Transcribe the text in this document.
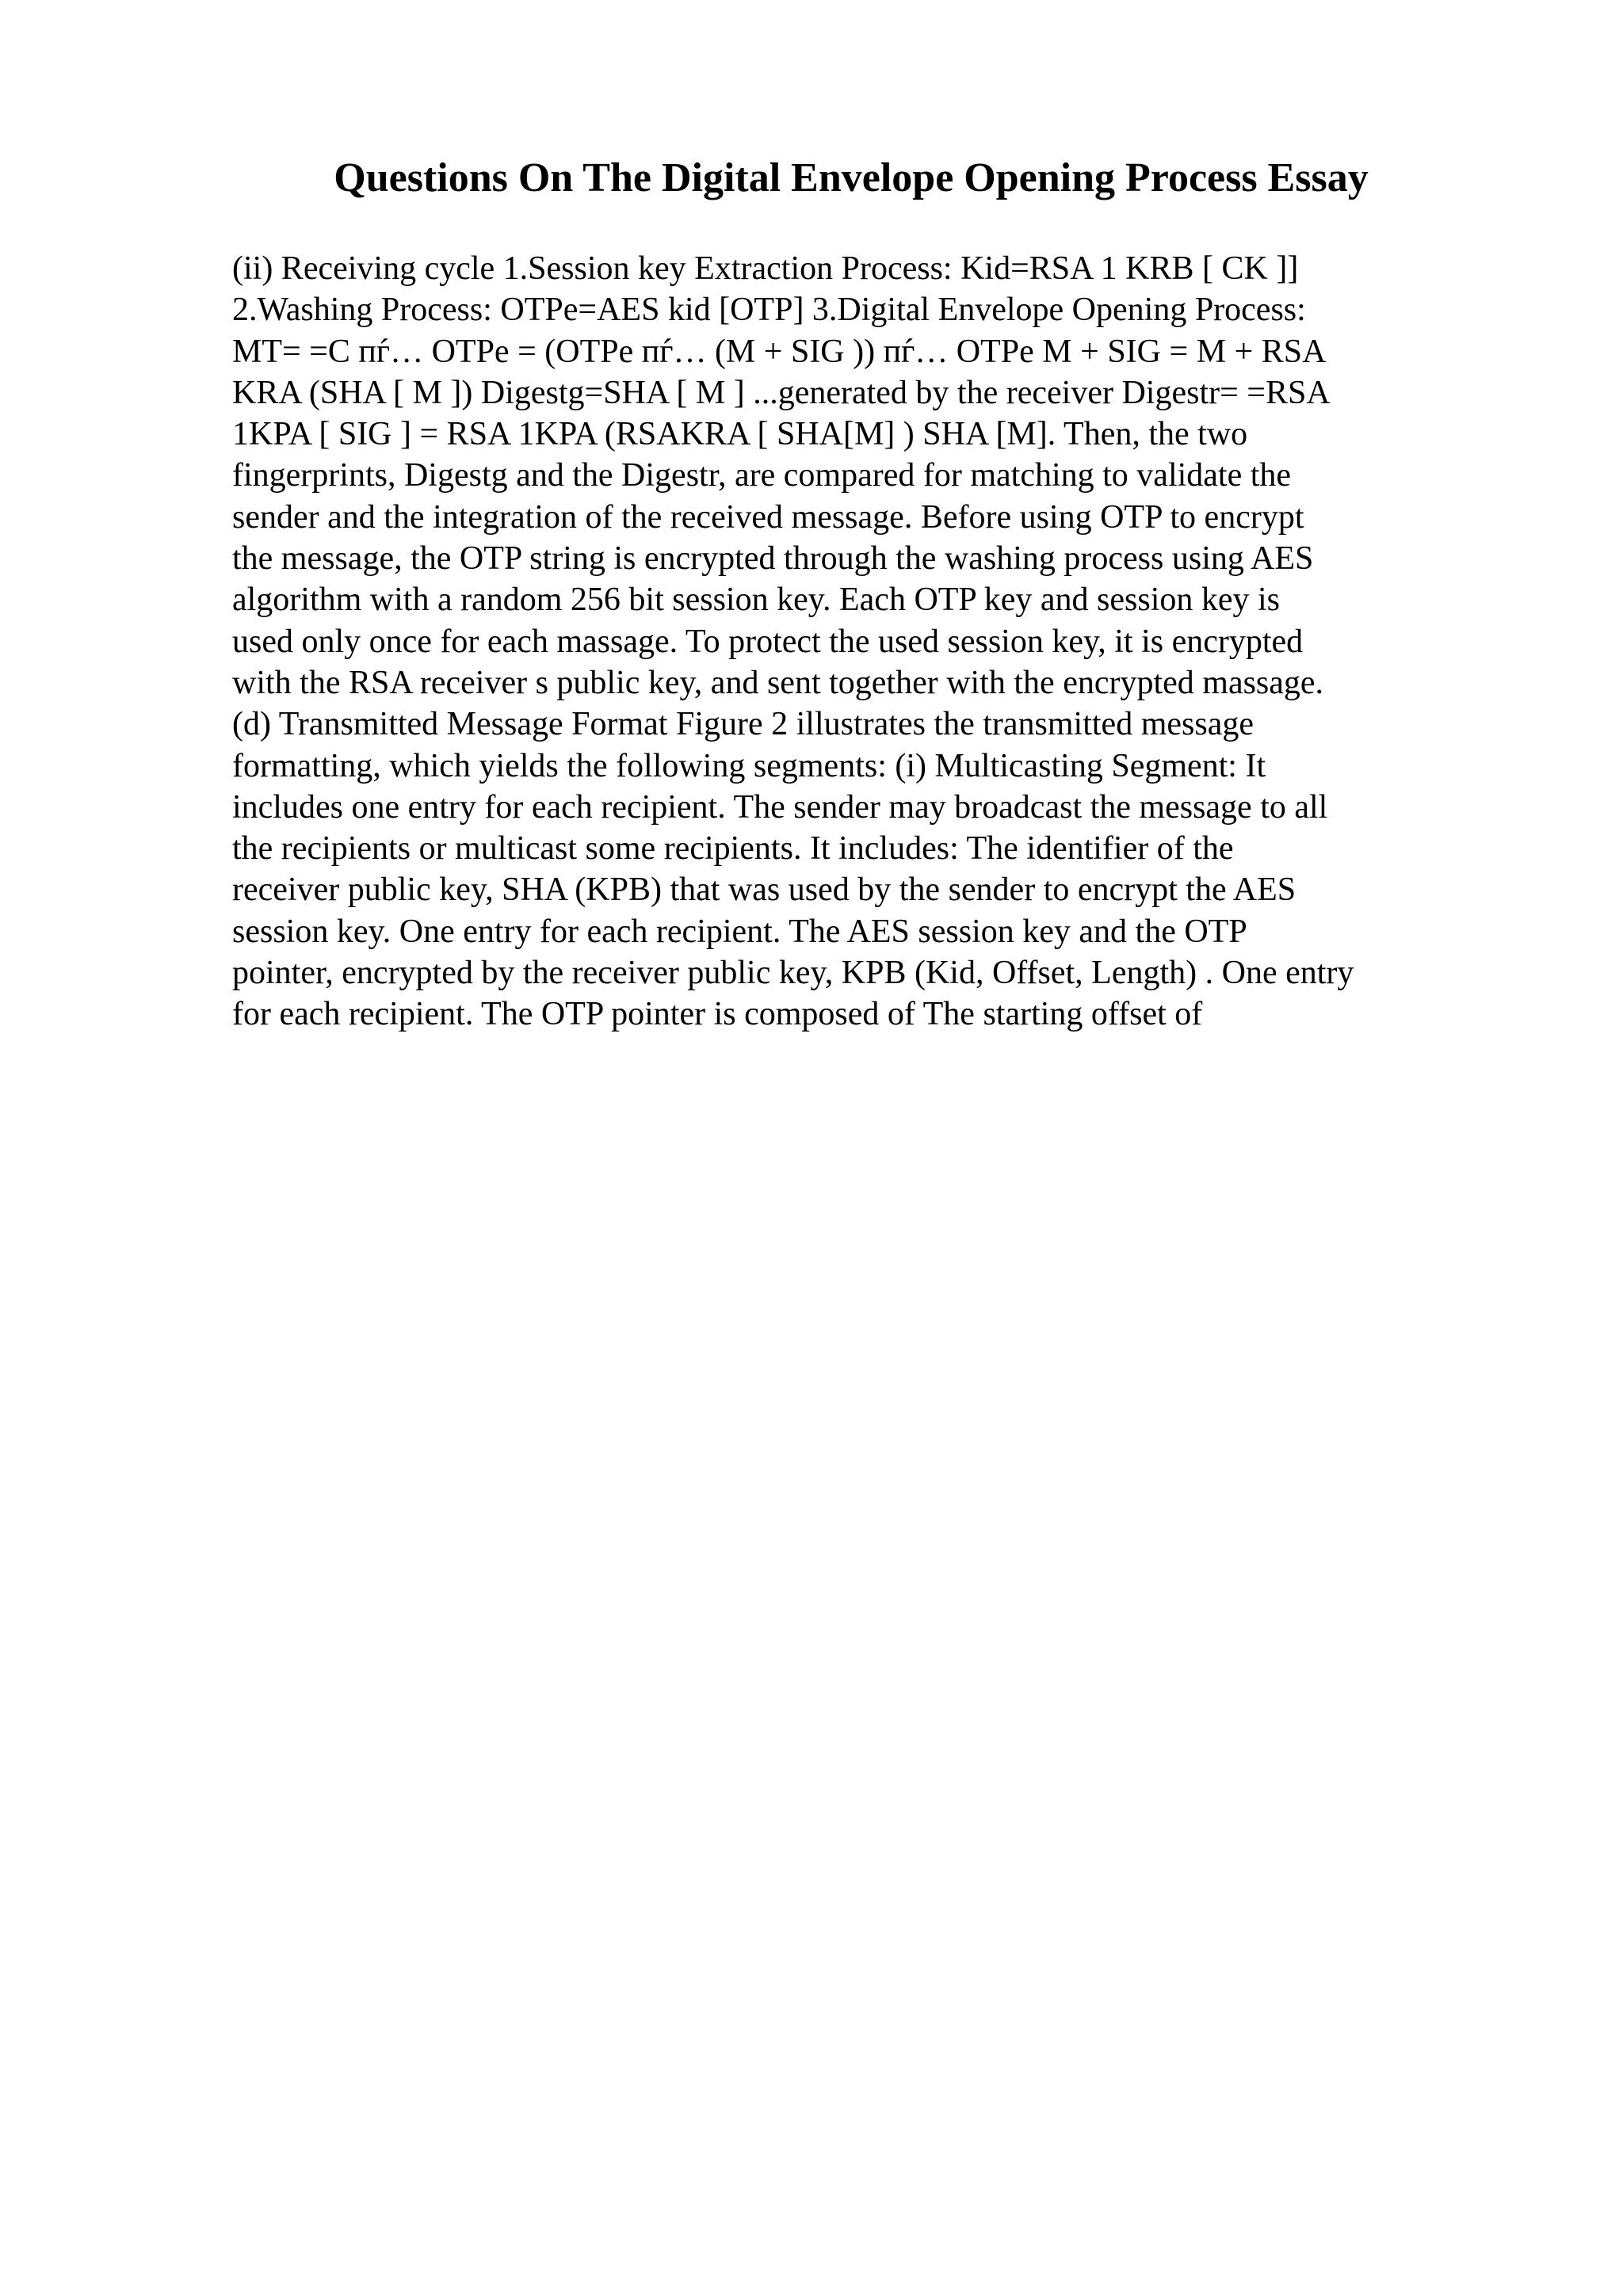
Questions On The Digital Envelope Opening Process Essay
(ii) Receiving cycle 1.Session key Extraction Process: Kid=RSA 1 KRB [ CK ]]
2.Washing Process: OTPe=AES kid [OTP] 3.Digital Envelope Opening Process:
MT= =C пѓ… OTPe = (OTPe пѓ… (M + SIG )) пѓ… OTPe M + SIG = M + RSA
KRA (SHA [ M ]) Digestg=SHA [ M ] ...generated by the receiver Digestr= =RSA
1KPA [ SIG ] = RSA 1KPA (RSAKRA [ SHA[M] ) SHA [M]. Then, the two
fingerprints, Digestg and the Digestr, are compared for matching to validate the
sender and the integration of the received message. Before using OTP to encrypt
the message, the OTP string is encrypted through the washing process using AES
algorithm with a random 256 bit session key. Each OTP key and session key is
used only once for each massage. To protect the used session key, it is encrypted
with the RSA receiver s public key, and sent together with the encrypted massage.
(d) Transmitted Message Format Figure 2 illustrates the transmitted message
formatting, which yields the following segments: (i) Multicasting Segment: It
includes one entry for each recipient. The sender may broadcast the message to all
the recipients or multicast some recipients. It includes: The identifier of the
receiver public key, SHA (KPB) that was used by the sender to encrypt the AES
session key. One entry for each recipient. The AES session key and the OTP
pointer, encrypted by the receiver public key, KPB (Kid, Offset, Length) . One entry
for each recipient. The OTP pointer is composed of The starting offset of
